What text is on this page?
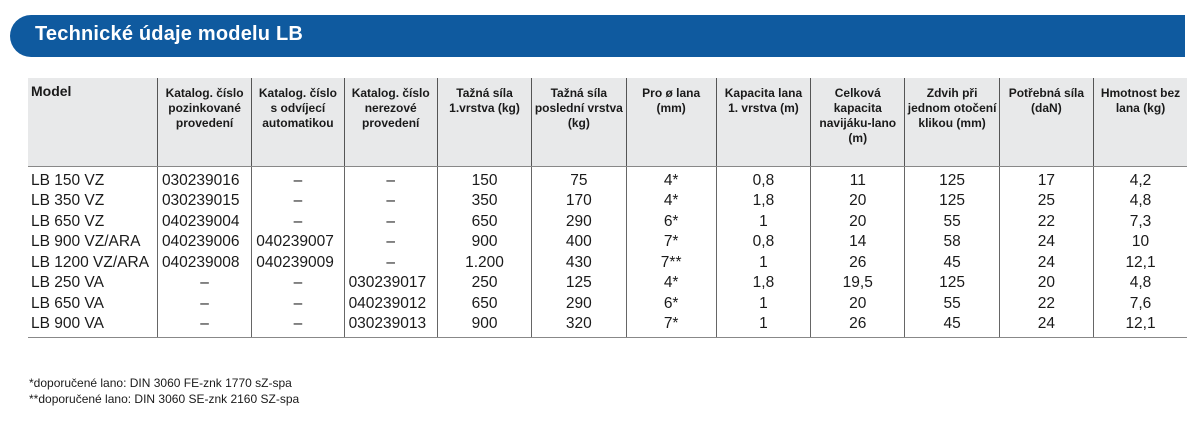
Technické údaje modelu LB
Model	Katalog. číslo pozinkované provedení	Katalog. číslo s odvíjecí automatikou	Katalog. číslo nerezové provedení	Tažná síla 1.vrstva (kg)	Tažná síla poslední vrstva (kg)	Pro ø lana (mm)	Kapacita lana 1. vrstva (m)	Celková kapacita navijáku-lano (m)	Zdvih při jednom otočení klikou (mm)	Potřebná síla (daN)	Hmotnost bez lana (kg)
LB 150 VZ	030239016	–	–	150	75	4*	0,8	11	125	17	4,2
LB 350 VZ	030239015	–	–	350	170	4*	1,8	20	125	25	4,8
LB 650 VZ	040239004	–	–	650	290	6*	1	20	55	22	7,3
LB 900 VZ/ARA	040239006	040239007	–	900	400	7*	0,8	14	58	24	10
LB 1200 VZ/ARA	040239008	040239009	–	1.200	430	7**	1	26	45	24	12,1
LB 250 VA	–	–	030239017	250	125	4*	1,8	19,5	125	20	4,8
LB 650 VA	–	–	040239012	650	290	6*	1	20	55	22	7,6
LB 900 VA	–	–	030239013	900	320	7*	1	26	45	24	12,1
*doporučené lano: DIN 3060 FE-znk 1770 sZ-spa
**doporučené lano: DIN 3060 SE-znk 2160 SZ-spa
